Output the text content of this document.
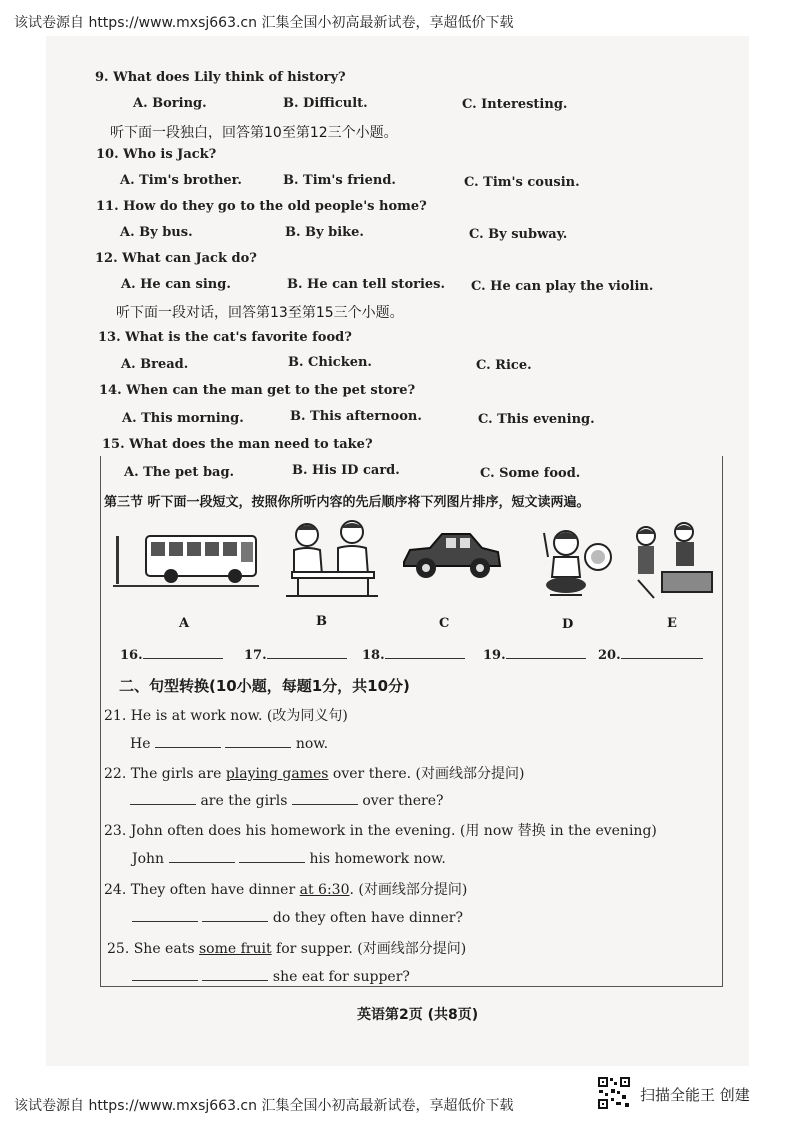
该试卷源自 https://www.mxsj663.cn 汇集全国小初高最新试卷，享超低价下载
9. What does Lily think of history?
A. Boring.	B. Difficult.	C. Interesting.
听下面一段独白，回答第10至第12三个小题。
10. Who is Jack?
A. Tim's brother.	B. Tim's friend.	C. Tim's cousin.
11. How do they go to the old people's home?
A. By bus.	B. By bike.	C. By subway.
12. What can Jack do?
A. He can sing.	B. He can tell stories. C. He can play the violin.
听下面一段对话，回答第13至第15三个小题。
13. What is the cat's favorite food?
A. Bread.	B. Chicken.	C. Rice.
14. When can the man get to the pet store?
A. This morning.	B. This afternoon.	C. This evening.
15. What does the man need to take?
A. The pet bag.	B. His ID card.	C. Some food.
第三节 听下面一段短文，按照你所听内容的先后顺序将下列图片排序，短文读两遍。
A	B	C	D	E
16.	17.	18.	19.	20.
二、句型转换(10小题，每题1分，共10分)
21. He is at work now. (改为同义句)
He	now.
22. The girls are playing games over there. (对画线部分提问)
are the girls	over there?
23. John often does his homework in the evening. (用 now 替换 in the evening)
John	his homework now.
24. They often have dinner at 6:30. (对画线部分提问)
do they often have dinner?
25. She eats some fruit for supper. (对画线部分提问)
she eat for supper?
英语第2页 (共8页)
该试卷源自 https://www.mxsj663.cn 汇集全国小初高最新试卷，享超低价下载
扫描全能王 创建
